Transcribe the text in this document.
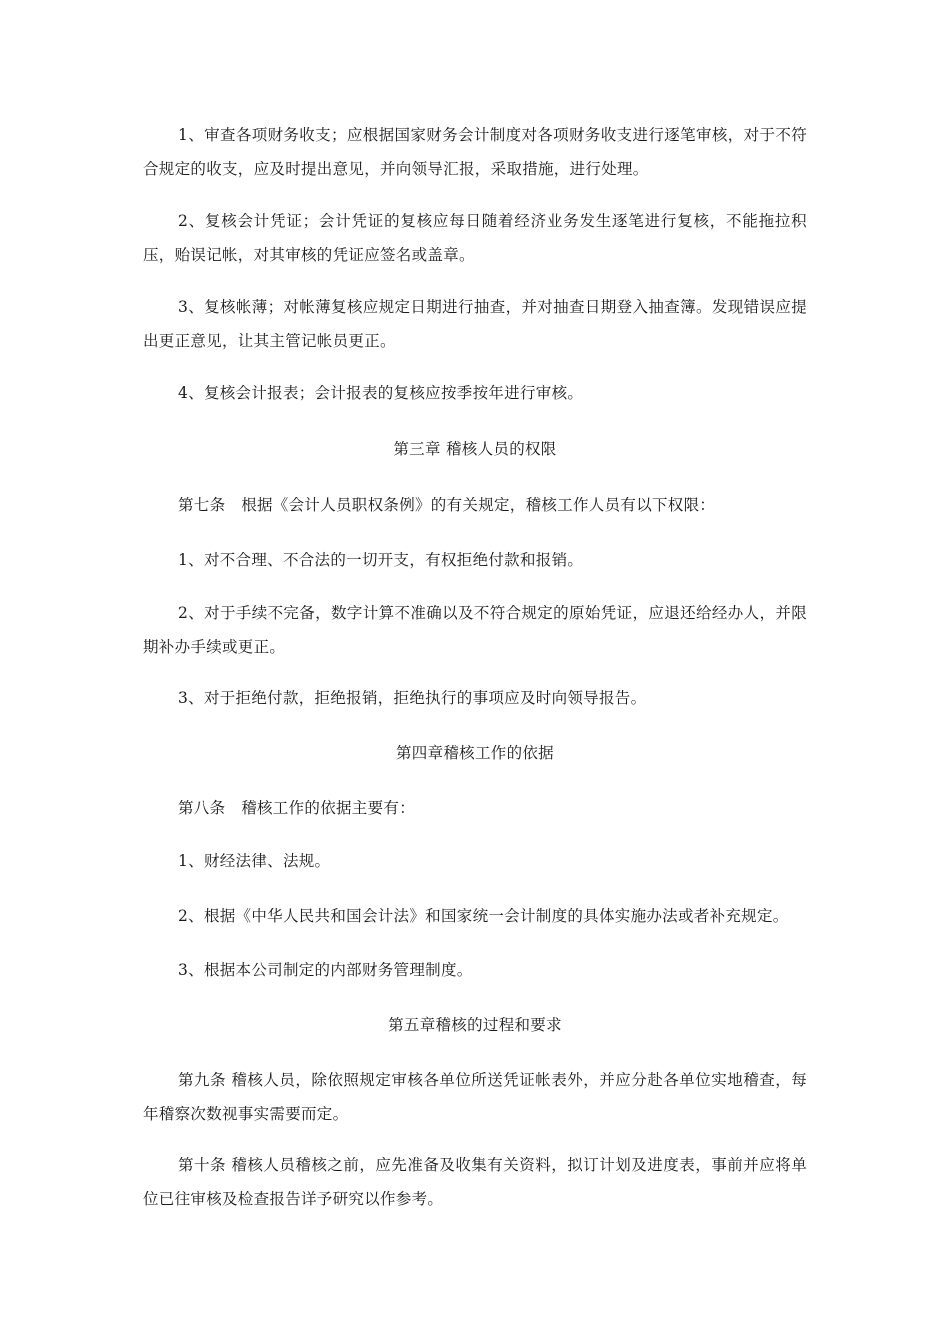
1、审查各项财务收支；应根据国家财务会计制度对各项财务收支进行逐笔审核，对于不符合规定的收支，应及时提出意见，并向领导汇报，采取措施，进行处理。

2、复核会计凭证；会计凭证的复核应每日随着经济业务发生逐笔进行复核，不能拖拉积压，贻误记帐，对其审核的凭证应签名或盖章。

3、复核帐薄；对帐薄复核应规定日期进行抽查，并对抽查日期登入抽查簿。发现错误应提出更正意见，让其主管记帐员更正。

4、复核会计报表；会计报表的复核应按季按年进行审核。

第三章 稽核人员的权限

第七条　根据《会计人员职权条例》的有关规定，稽核工作人员有以下权限：

1、对不合理、不合法的一切开支，有权拒绝付款和报销。

2、对于手续不完备，数字计算不准确以及不符合规定的原始凭证，应退还给经办人，并限期补办手续或更正。

3、对于拒绝付款，拒绝报销，拒绝执行的事项应及时向领导报告。

第四章稽核工作的依据

第八条　稽核工作的依据主要有：

1、财经法律、法规。

2、根据《中华人民共和国会计法》和国家统一会计制度的具体实施办法或者补充规定。

3、根据本公司制定的内部财务管理制度。

第五章稽核的过程和要求

第九条 稽核人员，除依照规定审核各单位所送凭证帐表外，并应分赴各单位实地稽查，每年稽察次数视事实需要而定。

第十条 稽核人员稽核之前，应先准备及收集有关资料，拟订计划及进度表，事前并应将单位已往审核及检查报告详予研究以作参考。
